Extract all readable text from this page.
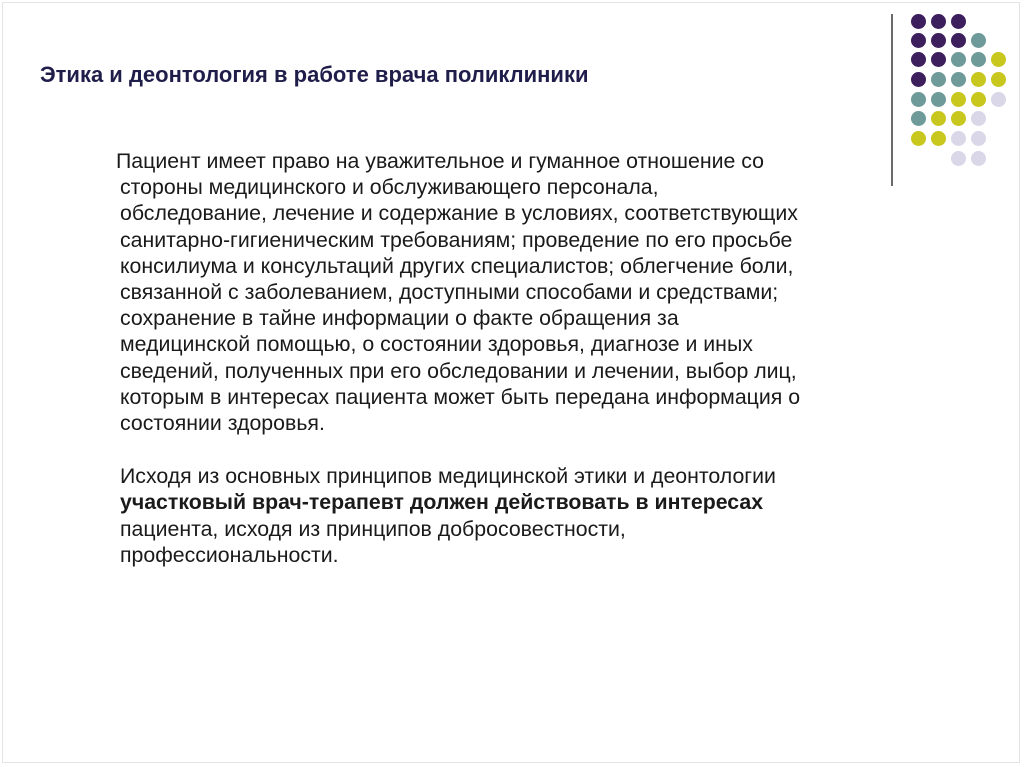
Этика и деонтология в работе врача поликлиники

Пациент имеет право на уважительное и гуманное отношение со
стороны медицинского и обслуживающего персонала,
обследование, лечение и содержание в условиях, соответствующих
санитарно-гигиеническим требованиям; проведение по его просьбе
консилиума и консультаций других специалистов; облегчение боли,
связанной с заболеванием, доступными способами и средствами;
сохранение в тайне информации о факте обращения за
медицинской помощью, о состоянии здоровья, диагнозе и иных
сведений, полученных при его обследовании и лечении, выбор лиц,
которым в интересах пациента может быть передана информация о
состоянии здоровья.

Исходя из основных принципов медицинской этики и деонтологии
участковый врач-терапевт должен действовать в интересах
пациента, исходя из принципов добросовестности,
профессиональности.
